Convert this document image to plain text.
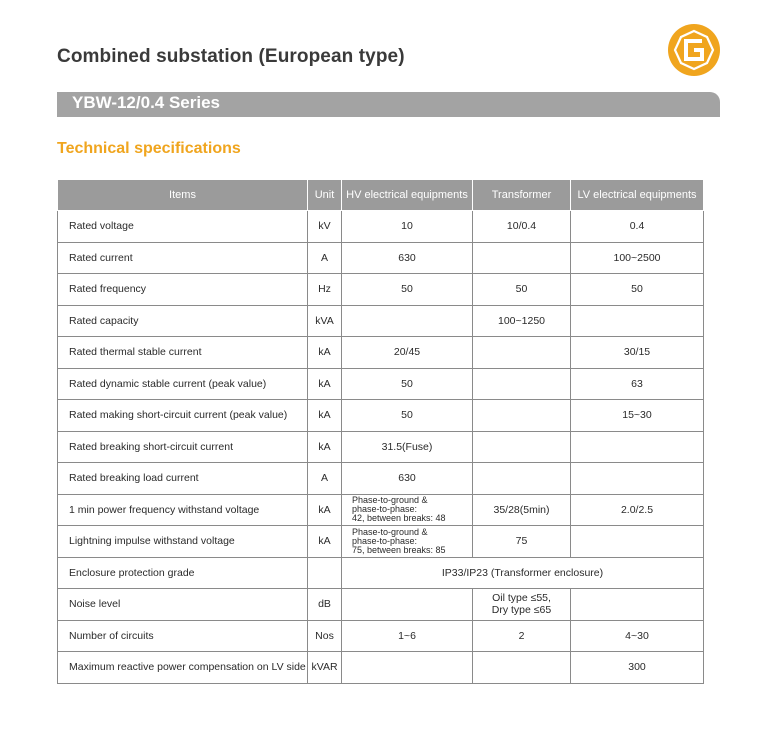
Combined substation (European type)
YBW-12/0.4 Series
Technical specifications
Items	Unit	HV electrical equipments	Transformer	LV electrical equipments
Rated voltage	kV	10	10/0.4	0.4
Rated current	A	630		100~2500
Rated frequency	Hz	50	50	50
Rated capacity	kVA		100~1250	
Rated thermal stable current	kA	20/45		30/15
Rated dynamic stable current (peak value)	kA	50		63
Rated making short-circuit current (peak value)	kA	50		15~30
Rated breaking short-circuit current	kA	31.5(Fuse)		
Rated breaking load current	A	630		
1 min power frequency withstand voltage	kA	Phase-to-ground &
phase-to-phase:
42, between breaks: 48	35/28(5min)	2.0/2.5
Lightning impulse withstand voltage	kA	Phase-to-ground &
phase-to-phase:
75, between breaks: 85	75	
Enclosure protection grade		IP33/IP23 (Transformer enclosure)		
Noise level	dB		Oil type ≤55,
Dry type ≤65	

Number of circuits	Nos	1~6	2	4~30
Maximum reactive power compensation on LV side	kVAR			300
